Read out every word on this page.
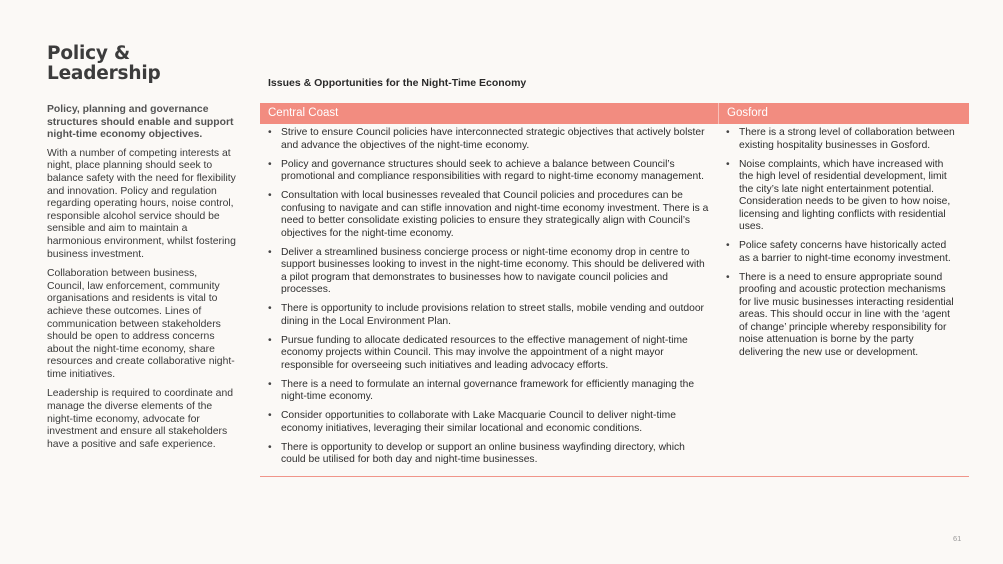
Policy &
Leadership

Policy, planning and governance structures should enable and support night-time economy objectives.

With a number of competing interests at night, place planning should seek to balance safety with the need for flexibility and innovation. Policy and regulation regarding operating hours, noise control, responsible alcohol service should be sensible and aim to maintain a harmonious environment, whilst fostering business investment.

Collaboration between business, Council, law enforcement, community organisations and residents is vital to achieve these outcomes. Lines of communication between stakeholders should be open to address concerns about the night-time economy, share resources and create collaborative night-time initiatives.

Leadership is required to coordinate and manage the diverse elements of the night-time economy, advocate for investment and ensure all stakeholders have a positive and safe experience.

Issues & Opportunities for the Night-Time Economy
Central Coast	Gosford
• Strive to ensure Council policies have interconnected strategic objectives that actively bolster and advance the objectives of the night-time economy.
• Policy and governance structures should seek to achieve a balance between Council’s promotional and compliance responsibilities with regard to night-time economy management.
• Consultation with local businesses revealed that Council policies and procedures can be confusing to navigate and can stifle innovation and night-time economy investment. There is a need to better consolidate existing policies to ensure they strategically align with Council’s objectives for the night-time economy.
• Deliver a streamlined business concierge process or night-time economy drop in centre to support businesses looking to invest in the night-time economy. This should be delivered with a pilot program that demonstrates to businesses how to navigate council policies and processes.
• There is opportunity to include provisions relation to street stalls, mobile vending and outdoor dining in the Local Environment Plan.
• Pursue funding to allocate dedicated resources to the effective management of night-time economy projects within Council. This may involve the appointment of a night mayor responsible for overseeing such initiatives and leading advocacy efforts.
• There is a need to formulate an internal governance framework for efficiently managing the night-time economy.
• Consider opportunities to collaborate with Lake Macquarie Council to deliver night-time economy initiatives, leveraging their similar locational and economic conditions.
• There is opportunity to develop or support an online business wayfinding directory, which could be utilised for both day and night-time businesses.
• There is a strong level of collaboration between existing hospitality businesses in Gosford.
• Noise complaints, which have increased with the high level of residential development, limit the city’s late night entertainment potential. Consideration needs to be given to how noise, licensing and lighting conflicts with residential uses.
• Police safety concerns have historically acted as a barrier to night-time economy investment.
• There is a need to ensure appropriate sound proofing and acoustic protection mechanisms for live music businesses interacting residential areas. This should occur in line with the ‘agent of change’ principle whereby responsibility for noise attenuation is borne by the party delivering the new use or development.
61
